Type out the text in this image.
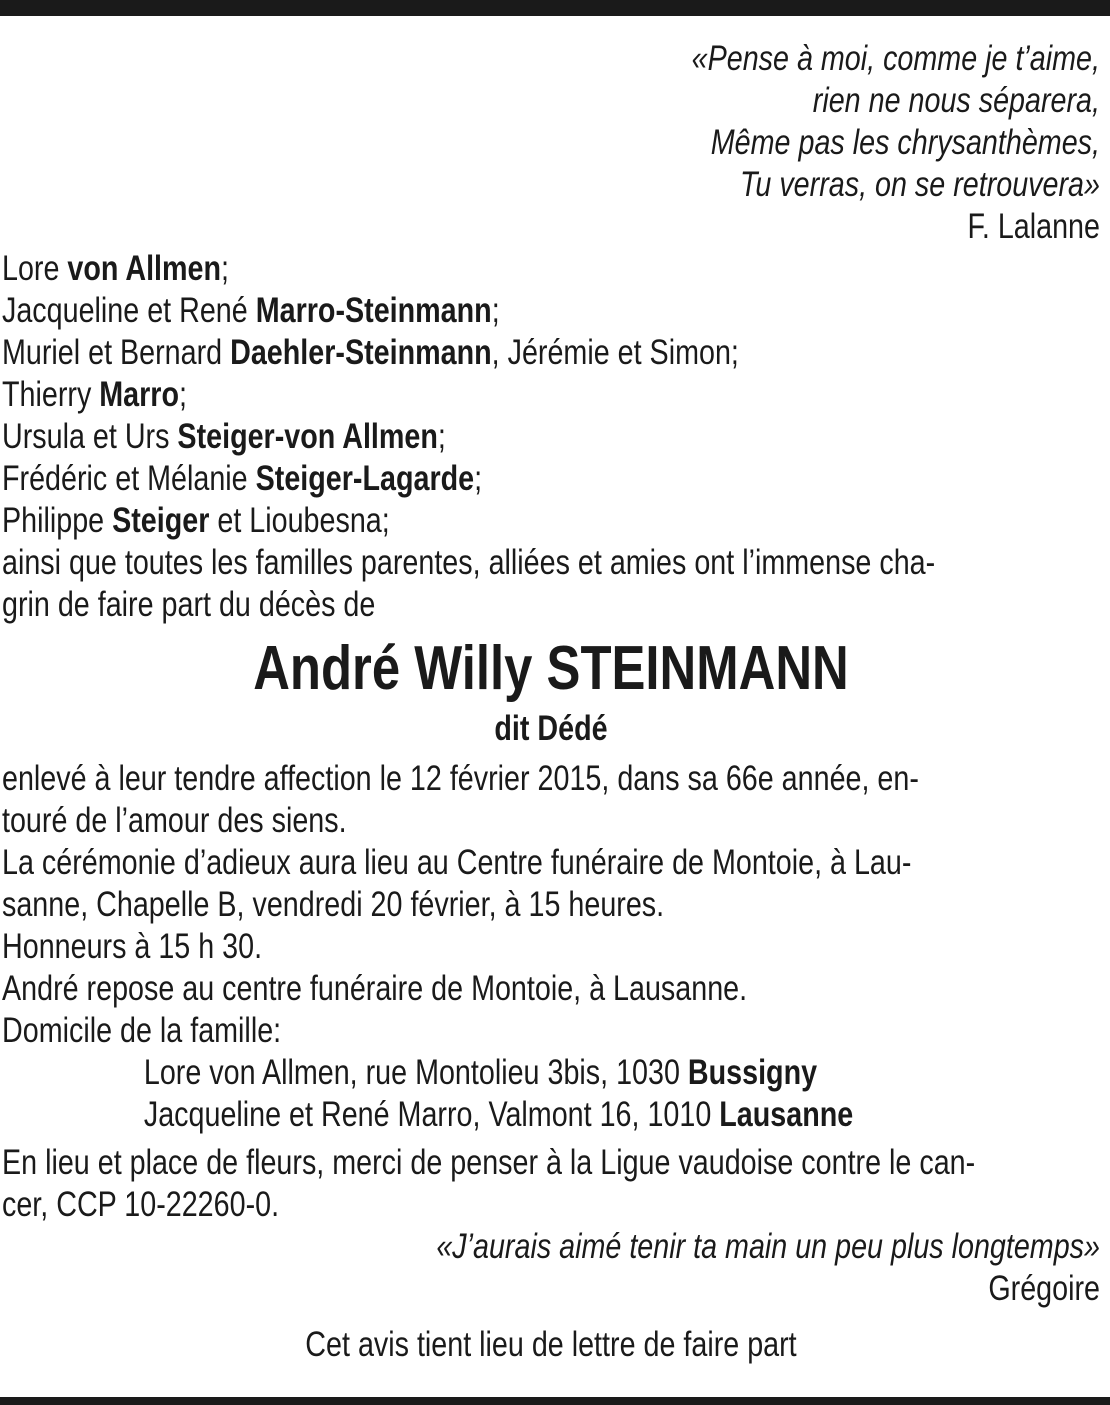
«Pense à moi, comme je t’aime,
rien ne nous séparera,
Même pas les chrysanthèmes,
Tu verras, on se retrouvera»
F. Lalanne
Lore von Allmen;
Jacqueline et René Marro-Steinmann;
Muriel et Bernard Daehler-Steinmann, Jérémie et Simon;
Thierry Marro;
Ursula et Urs Steiger-von Allmen;
Frédéric et Mélanie Steiger-Lagarde;
Philippe Steiger et Lioubesna;
ainsi que toutes les familles parentes, alliées et amies ont l’immense cha-
grin de faire part du décès de
André Willy STEINMANN
dit Dédé
enlevé à leur tendre affection le 12 février 2015, dans sa 66e année, en-
touré de l’amour des siens.
La cérémonie d’adieux aura lieu au Centre funéraire de Montoie, à Lau-
sanne, Chapelle B, vendredi 20 février, à 15 heures.
Honneurs à 15 h 30.
André repose au centre funéraire de Montoie, à Lausanne.
Domicile de la famille:
Lore von Allmen, rue Montolieu 3bis, 1030 Bussigny
Jacqueline et René Marro, Valmont 16, 1010 Lausanne
En lieu et place de fleurs, merci de penser à la Ligue vaudoise contre le can-
cer, CCP 10-22260-0.
«J’aurais aimé tenir ta main un peu plus longtemps»
Grégoire
Cet avis tient lieu de lettre de faire part
